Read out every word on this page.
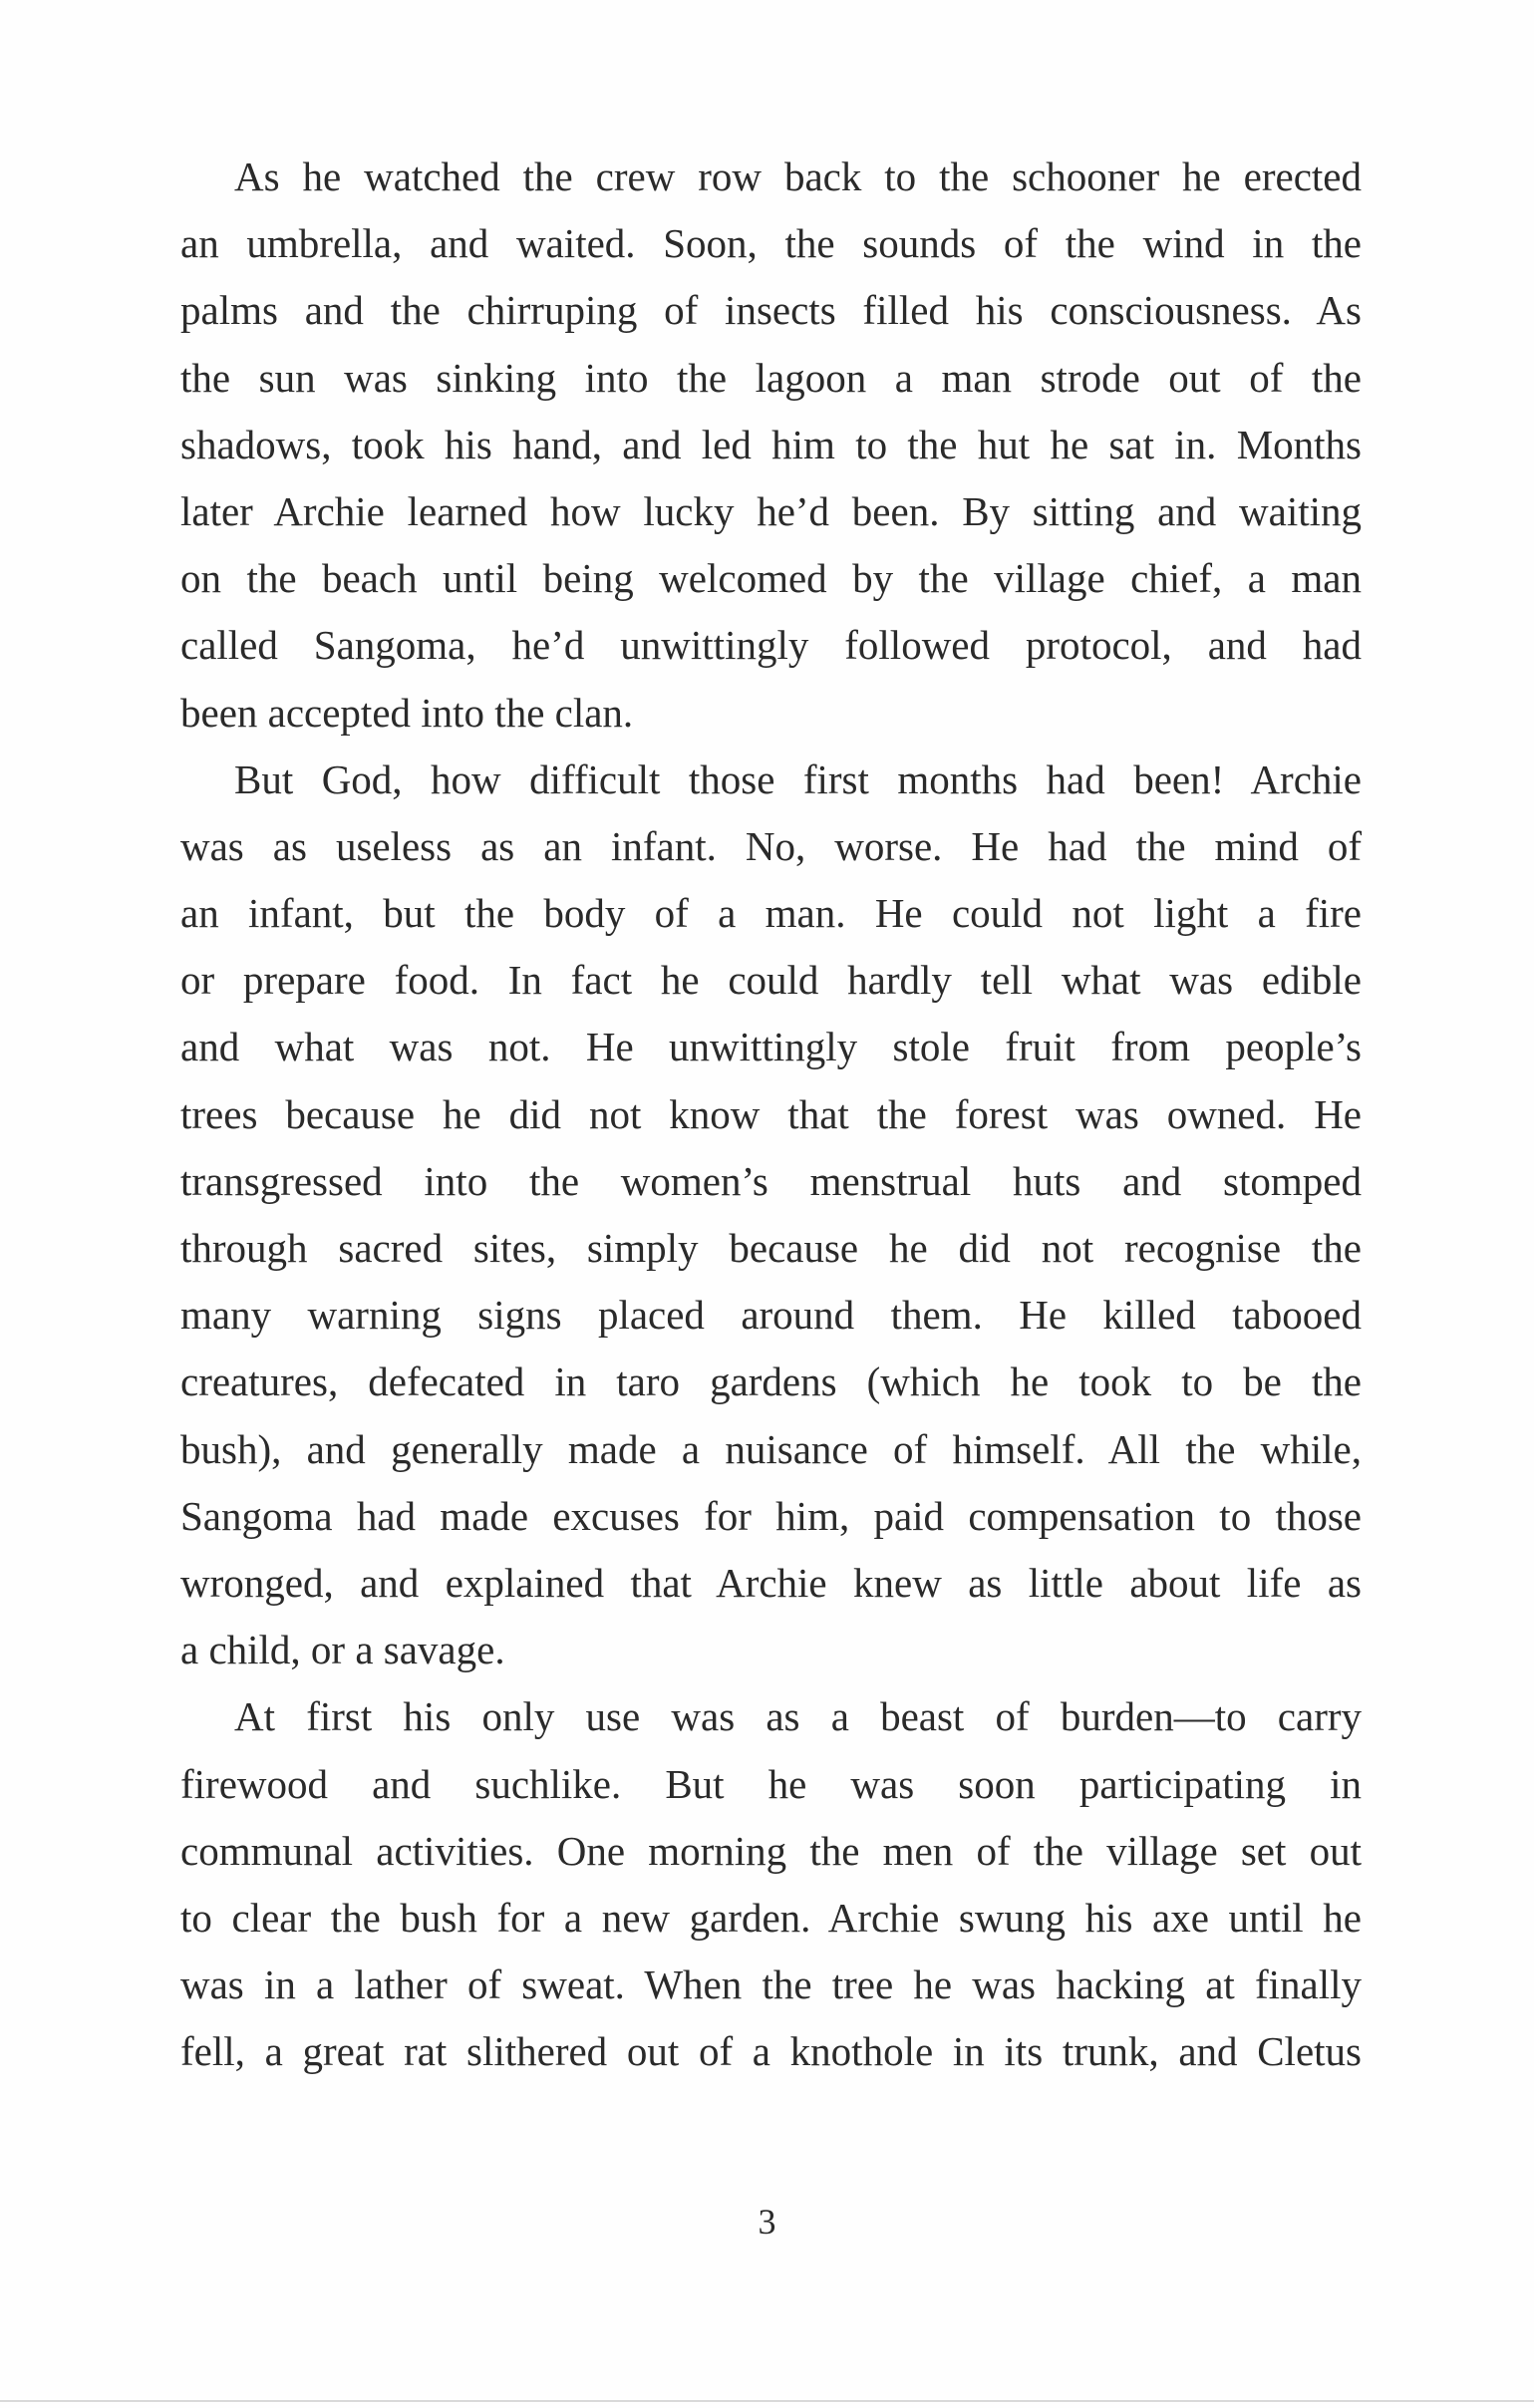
As he watched the crew row back to the schooner he erected
an umbrella, and waited. Soon, the sounds of the wind in the
palms and the chirruping of insects filled his consciousness. As
the sun was sinking into the lagoon a man strode out of the
shadows, took his hand, and led him to the hut he sat in. Months
later Archie learned how lucky he’d been. By sitting and waiting
on the beach until being welcomed by the village chief, a man
called Sangoma, he’d unwittingly followed protocol, and had
been accepted into the clan.
But God, how difficult those first months had been! Archie
was as useless as an infant. No, worse. He had the mind of
an infant, but the body of a man. He could not light a fire
or prepare food. In fact he could hardly tell what was edible
and what was not. He unwittingly stole fruit from people’s
trees because he did not know that the forest was owned. He
transgressed into the women’s menstrual huts and stomped
through sacred sites, simply because he did not recognise the
many warning signs placed around them. He killed tabooed
creatures, defecated in taro gardens (which he took to be the
bush), and generally made a nuisance of himself. All the while,
Sangoma had made excuses for him, paid compensation to those
wronged, and explained that Archie knew as little about life as
a child, or a savage.
At first his only use was as a beast of burden—to carry
firewood and suchlike. But he was soon participating in
communal activities. One morning the men of the village set out
to clear the bush for a new garden. Archie swung his axe until he
was in a lather of sweat. When the tree he was hacking at finally
fell, a great rat slithered out of a knothole in its trunk, and Cletus
3
